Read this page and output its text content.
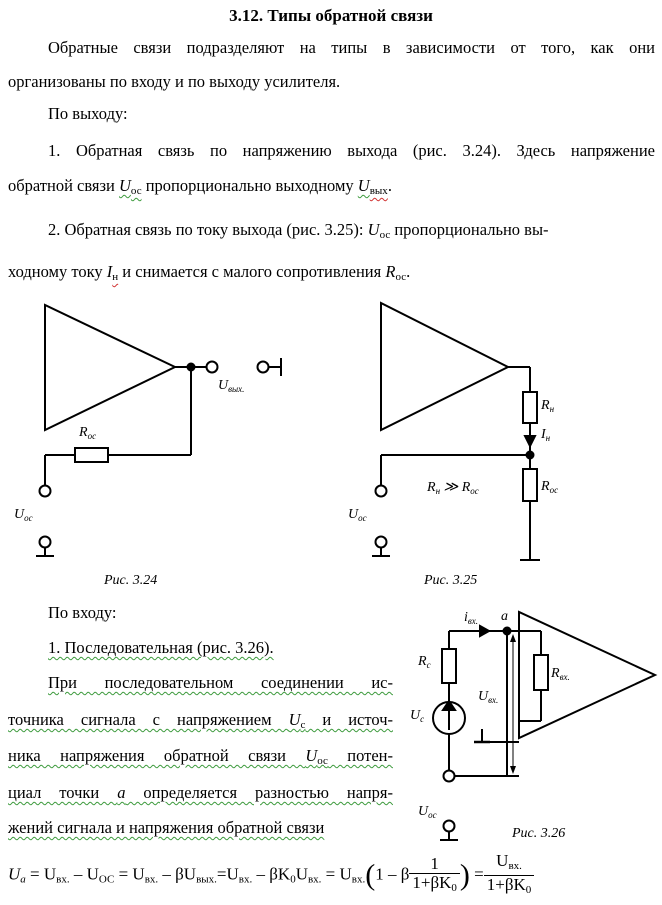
3.12. Типы обратной связи
Обратные связи подразделяют на типы в зависимости от того, как они
организованы по входу и по выходу усилителя.
По выходу:
1. Обратная связь по напряжению выхода (рис. 3.24). Здесь напряжение
обратной связи $U_{ос}$ пропорционально выходному $U_{вых}$.
2. Обратная связь по току выхода (рис. 3.25): $U_{ос}$ пропорционально вы-
ходному току $I_н$ и снимается с малого сопротивления $R_{ос}$.
$U_{вых.}$
$R_{ос}$
$U_{ос}$
Рис. 3.24
$R_н$
$I_н$
$R_н$ ≫ $R_{ос}$	$R_{ос}$
$U_{ос}$
Рис. 3.25
По входу:
1. Последовательная (рис. 3.26).
При последовательном соединении ис-
точника сигнала с напряжением $U_с$ и источ-
ника напряжения обратной связи $U_{ос}$ потен-
циал точки а определяется разностью напря-
жений сигнала и напряжения обратной связи
$i_{вх.}$ a
$R_с$
$R_{вх.}$
$U_{вх.}$
$U_с$
$U_{ос}$
Рис. 3.26
$U_a = U_{вх.} - U_{ОС} = U_{вх.} - \beta U_{вых.}=U_{вх.} - \beta K_0U_{вх.} = U_{вх.}(1 - \beta \frac{1}{1+\beta K_0}$ ) = $\frac{U_{вх.}}{1+\beta K_0}$
